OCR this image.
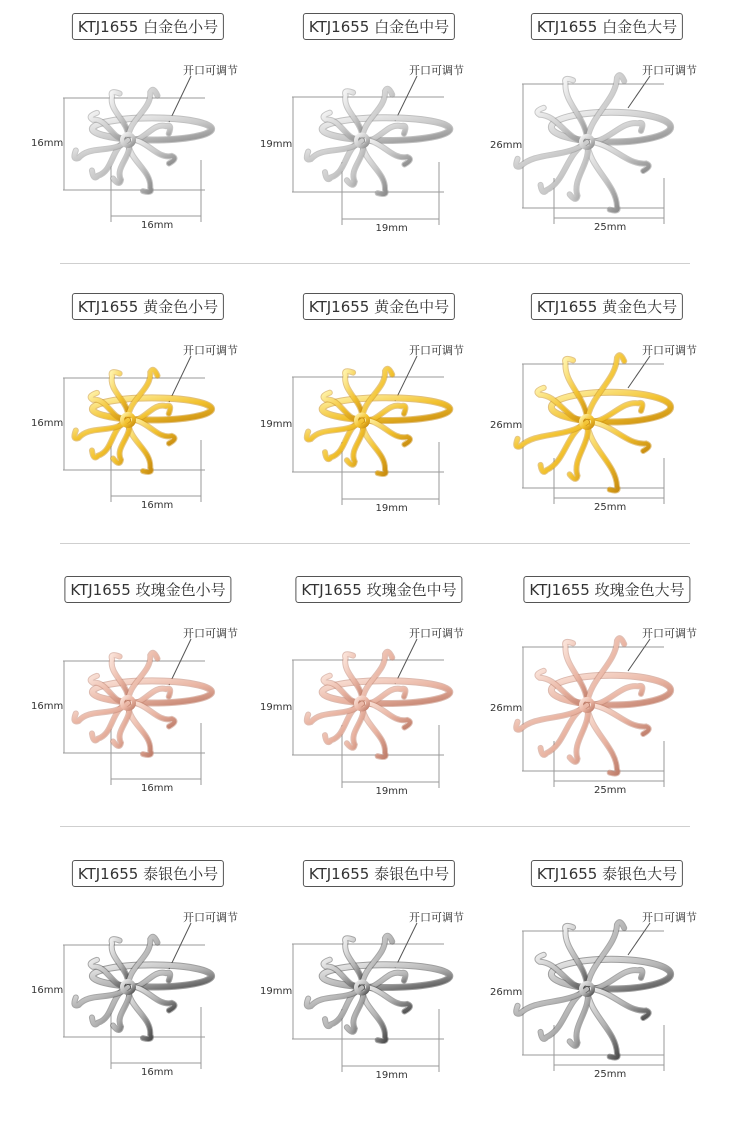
KTJ1655 白金色小号
16mm
16mm
开口可调节
KTJ1655 白金色中号
19mm
19mm
开口可调节
KTJ1655 白金色大号
26mm
25mm
开口可调节
KTJ1655 黄金色小号
16mm
16mm
开口可调节
KTJ1655 黄金色中号
19mm
19mm
开口可调节
KTJ1655 黄金色大号
26mm
25mm
开口可调节
KTJ1655 玫瑰金色小号
16mm
16mm
开口可调节
KTJ1655 玫瑰金色中号
19mm
19mm
开口可调节
KTJ1655 玫瑰金色大号
26mm
25mm
开口可调节
KTJ1655 泰银色小号
16mm
16mm
开口可调节
KTJ1655 泰银色中号
19mm
19mm
开口可调节
KTJ1655 泰银色大号
26mm
25mm
开口可调节
